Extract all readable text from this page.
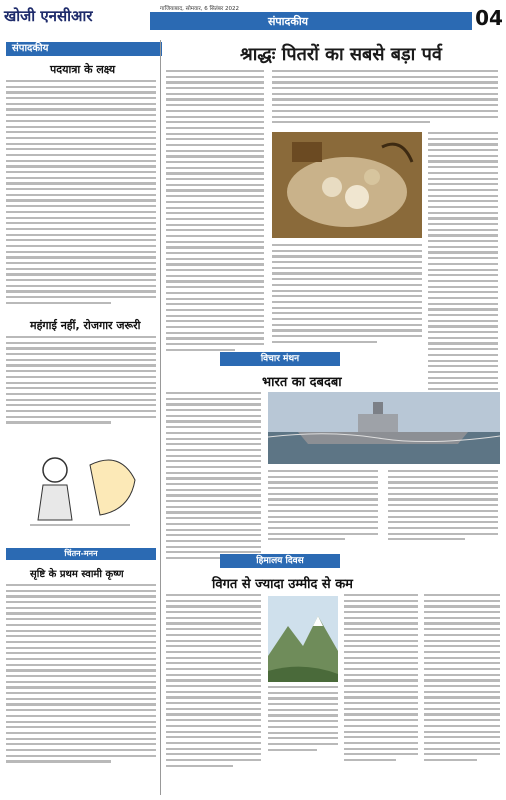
खोजी एनसीआर	गाजियाबाद, सोमवार, 6 सितंबर 2022
संपादकीय	04
संपादकीय
पदयात्रा के लक्ष्य
महंगाई नहीं, रोजगार जरूरी
चिंतन-मनन
सृष्टि के प्रथम स्वामी कृष्ण
श्राद्धः पितरों का सबसे बड़ा पर्व
विचार मंथन
भारत का दबदबा
हिमालय दिवस
विगत से ज्यादा उम्मीद से कम
